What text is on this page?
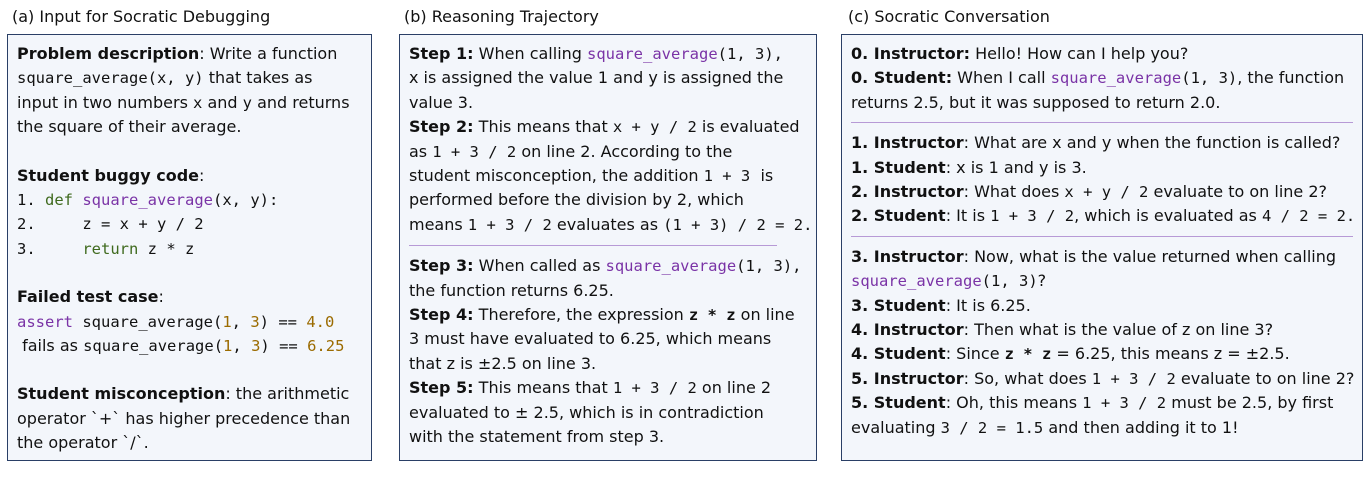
(a) Input for Socratic Debugging

Problem description: Write a function

square_average(x, y) that takes as

input in two numbers x and y and returns

the square of their average.

Student buggy code:

1. def square_average(x, y):

2.     z = x + y / 2

3.     return z * z

Failed test case:

assert square_average(1, 3) == 4.0

fails as square_average(1, 3) == 6.25

Student misconception: the arithmetic

operator `+` has higher precedence than

the operator `/`.

(b) Reasoning Trajectory

Step 1: When calling square_average(1, 3),

x is assigned the value 1 and y is assigned the

value 3.

Step 2: This means that x + y / 2 is evaluated

as 1 + 3 / 2 on line 2. According to the

student misconception, the addition 1 + 3  is

performed before the division by 2, which

means 1 + 3 / 2 evaluates as (1 + 3) / 2 = 2.

Step 3: When called as square_average(1, 3),

the function returns 6.25.

Step 4: Therefore, the expression z * z on line

3 must have evaluated to 6.25, which means

that z is ±2.5 on line 3.

Step 5: This means that 1 + 3 / 2 on line 2

evaluated to ± 2.5, which is in contradiction

with the statement from step 3.

(c) Socratic Conversation

0. Instructor: Hello! How can I help you?

0. Student: When I call square_average(1, 3), the function

returns 2.5, but it was supposed to return 2.0.

1. Instructor: What are x and y when the function is called?

1. Student: x is 1 and y is 3.

2. Instructor: What does x + y / 2 evaluate to on line 2?

2. Student: It is 1 + 3 / 2, which is evaluated as 4 / 2 = 2.

3. Instructor: Now, what is the value returned when calling

square_average(1, 3)?

3. Student: It is 6.25.

4. Instructor: Then what is the value of z on line 3?

4. Student: Since z * z = 6.25, this means z = ±2.5.

5. Instructor: So, what does 1 + 3 / 2 evaluate to on line 2?

5. Student: Oh, this means 1 + 3 / 2 must be 2.5, by first

evaluating 3 / 2 = 1.5 and then adding it to 1!
